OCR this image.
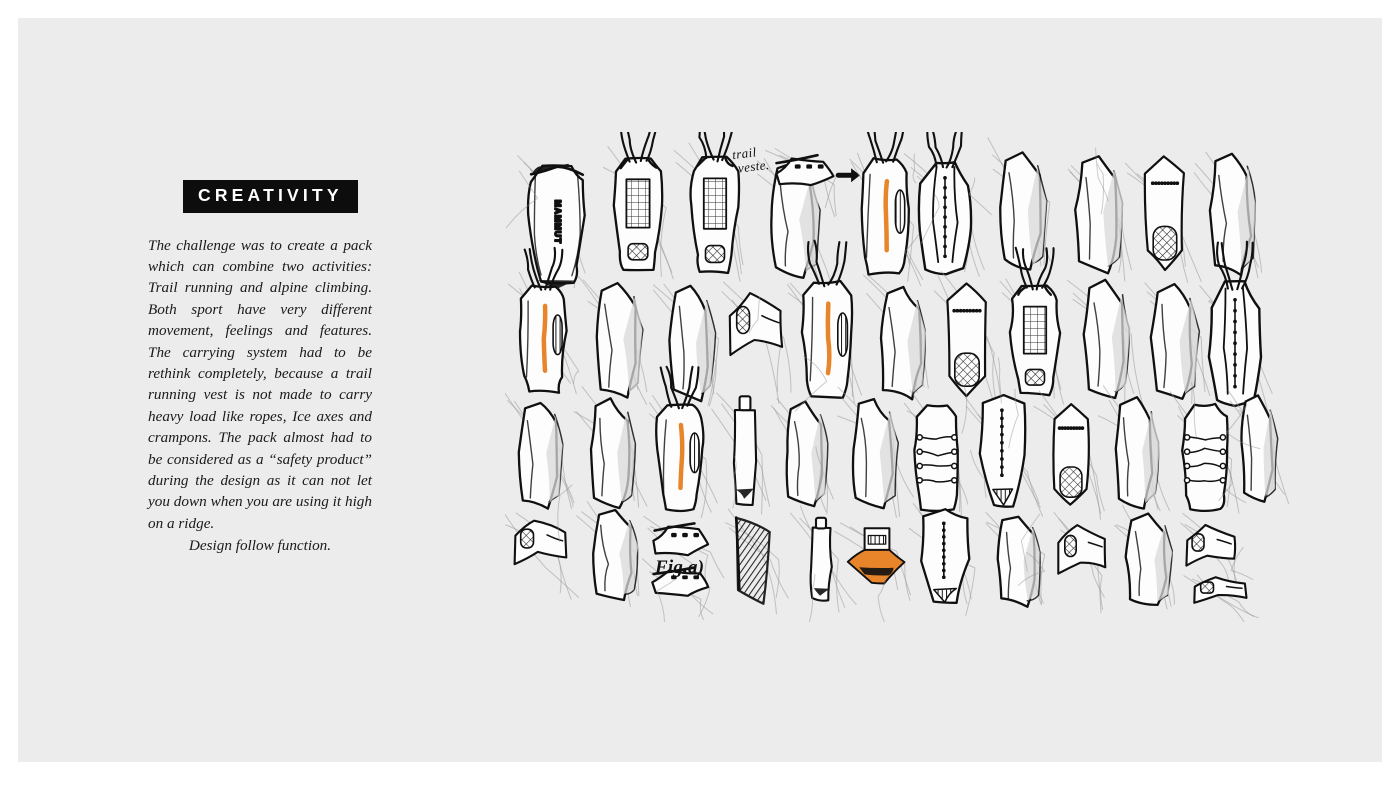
CREATIVITY
The challenge was to create a pack which can combine two activities: Trail running and alpine climbing. Both sport have very different movement, feelings and features. The carrying system had to be rethink completely, because a trail running vest is not made to carry heavy load like ropes, Ice axes and crampons. The pack almost had to be considered as a “safety product” during the design as it can not let you down when you are using it high on a ridge.
Design follow function.
MAMMUT
trail
veste.
Fig.a)
